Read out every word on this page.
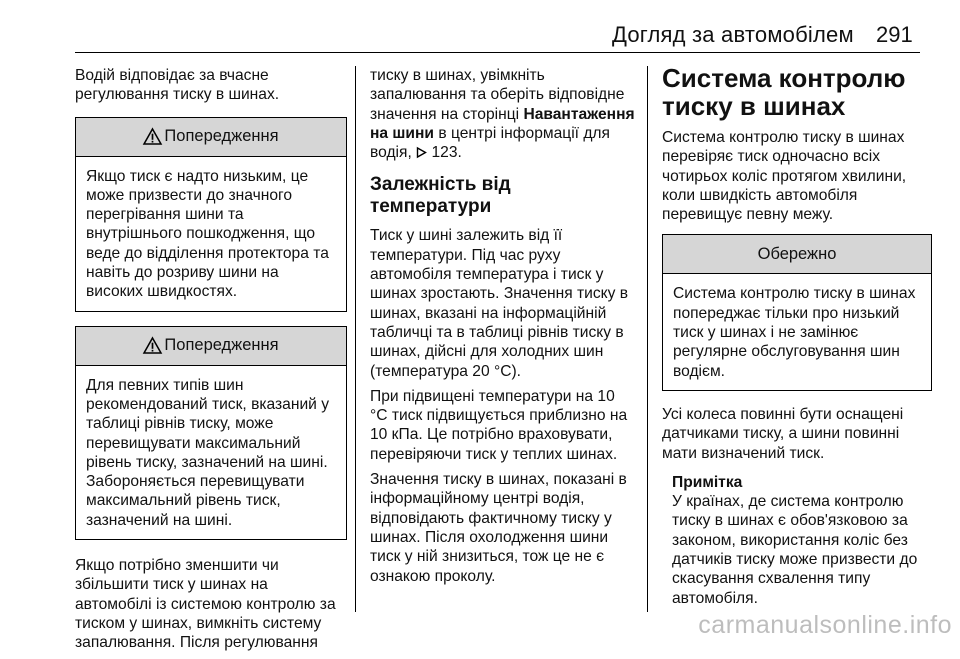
Догляд за автомобілем 291

Водій відповідає за вчасне регулювання тиску в шинах.

Попередження
Якщо тиск є надто низьким, це може призвести до значного перегрівання шини та внутрішнього пошкодження, що веде до відділення протектора та навіть до розриву шини на високих швидкостях.
Попередження
Для певних типів шин рекомендований тиск, вказаний у таблиці рівнів тиску, може перевищувати максимальний рівень тиску, зазначений на шині. Забороняється перевищувати максимальний рівень тиск, зазначений на шині.

Якщо потрібно зменшити чи збільшити тиск у шинах на автомобілі із системою контролю за тиском у шинах, вимкніть систему запалювання. Після регулювання

тиску в шинах, увімкніть запалювання та оберіть відповідне значення на сторінці Навантаження на шини в центрі інформації для водія, 123.

Залежність від температури

Тиск у шині залежить від її температури. Під час руху автомобіля температура і тиск у шинах зростають. Значення тиску в шинах, вказані на інформаційній табличці та в таблиці рівнів тиску в шинах, дійсні для холодних шин (температура 20 °C).

При підвищені температури на 10 °C тиск підвищується приблизно на 10 кПа. Це потрібно враховувати, перевіряючи тиск у теплих шинах.

Значення тиску в шинах, показані в інформаційному центрі водія, відповідають фактичному тиску у шинах. Після охолодження шини тиск у ній знизиться, тож це не є ознакою проколу.

Система контролю тиску в шинах

Система контролю тиску в шинах перевіряє тиск одночасно всіх чотирьох коліс протягом хвилини, коли швидкість автомобіля перевищує певну межу.

Обережно
Система контролю тиску в шинах попереджає тільки про низький тиск у шинах і не замінює регулярне обслуговування шин водієм.

Усі колеса повинні бути оснащені датчиками тиску, а шини повинні мати визначений тиск.

Примітка
У країнах, де система контролю тиску в шинах є обов'язковою за законом, використання коліс без датчиків тиску може призвести до скасування схвалення типу автомобіля.
carmanualsonline.info
